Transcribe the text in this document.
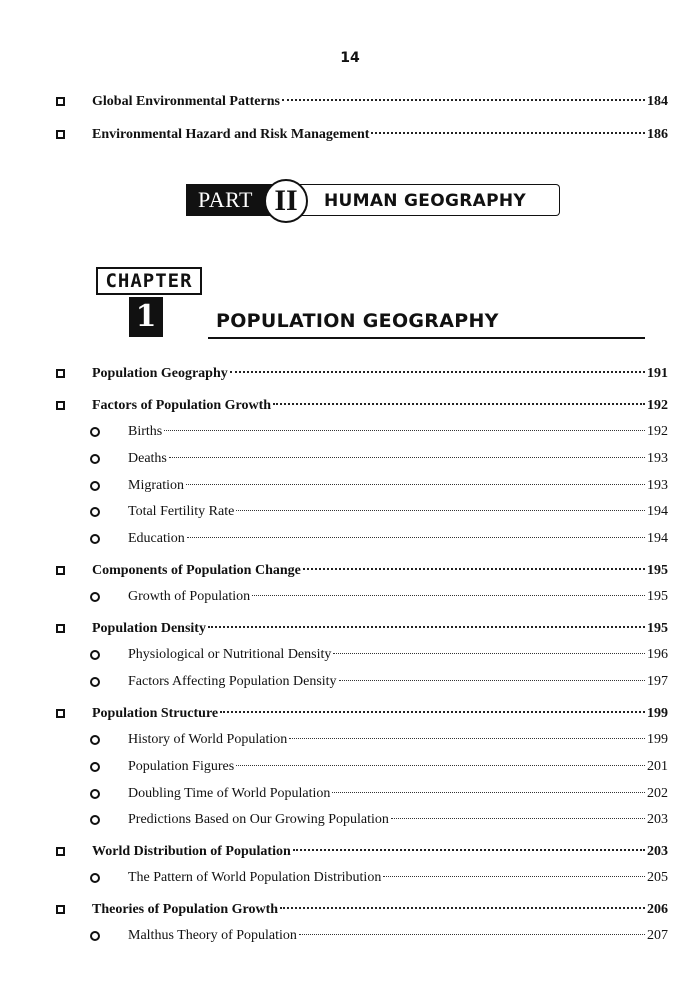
14
Global Environmental Patterns	184
Environmental Hazard and Risk Management	186
PART	HUMAN GEOGRAPHY
II
CHAPTER
1	POPULATION GEOGRAPHY
Population Geography	191
Factors of Population Growth	192
Births	192
Deaths	193
Migration	193
Total Fertility Rate	194
Education	194
Components of Population Change	195
Growth of Population	195
Population Density	195
Physiological or Nutritional Density	196
Factors Affecting Population Density	197
Population Structure	199
History of World Population	199
Population Figures	201
Doubling Time of World Population	202
Predictions Based on Our Growing Population	203
World Distribution of Population	203
The Pattern of World Population Distribution	205
Theories of Population Growth	206
Malthus Theory of Population	207
